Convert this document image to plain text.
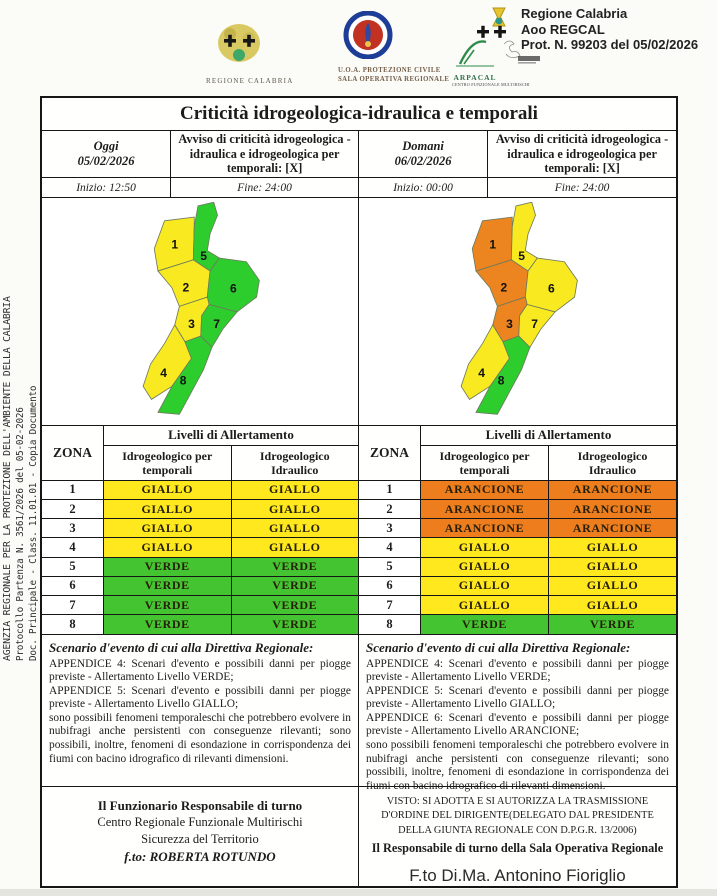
AGENZIA REGIONALE PER LA PROTEZIONE DELL'AMBIENTE DELLA CALABRIA Protocollo Partenza N. 3561/2026 del 05-02-2026 Doc. Principale - Class. 11.01.01 - Copia Documento
REGIONE CALABRIA
U.O.A. PROTEZIONE CIVILE
SALA OPERATIVA REGIONALE
Regione Calabria
Aoo REGCAL
Prot. N. 99203 del 05/02/2026
ARPACAL
CENTRO FUNZIONALE MULTIRISCHI
Criticità idrogeologica-idraulica e temporali
Oggi
05/02/2026
Avviso di criticità idrogeologica - idraulica e idrogeologica per temporali: [X]
Domani
06/02/2026
Avviso di criticità idrogeologica - idraulica e idrogeologica per temporali: [X]
Inizio: 12:50	Fine: 24:00	Inizio: 00:00	Fine: 24:00
1
2
3
4
5
6
7
8
1
2
3
4
5
6
7
8
ZONA
Livelli di Allertamento
Idrogeologico per temporali
Idrogeologico Idraulico
1	GIALLO	GIALLO
2	GIALLO	GIALLO
3	GIALLO	GIALLO
4	GIALLO	GIALLO
5	VERDE	VERDE
6	VERDE	VERDE
7	VERDE	VERDE
8	VERDE	VERDE
ZONA
Livelli di Allertamento
Idrogeologico per temporali
Idrogeologico Idraulico
1	ARANCIONE	ARANCIONE
2	ARANCIONE	ARANCIONE
3	ARANCIONE	ARANCIONE
4	GIALLO	GIALLO
5	GIALLO	GIALLO
6	GIALLO	GIALLO
7	GIALLO	GIALLO
8	VERDE	VERDE
Scenario d'evento di cui alla Direttiva Regionale:
APPENDICE 4: Scenari d'evento e possibili danni per piogge previste - Allertamento Livello VERDE;
APPENDICE 5: Scenari d'evento e possibili danni per piogge previste - Allertamento Livello GIALLO;
sono possibili fenomeni temporaleschi che potrebbero evolvere in nubifragi anche persistenti con conseguenze rilevanti; sono possibili, inoltre, fenomeni di esondazione in corrispondenza dei fiumi con bacino idrografico di rilevanti dimensioni.
Scenario d'evento di cui alla Direttiva Regionale:
APPENDICE 4: Scenari d'evento e possibili danni per piogge previste - Allertamento Livello VERDE;
APPENDICE 5: Scenari d'evento e possibili danni per piogge previste - Allertamento Livello GIALLO;
APPENDICE 6: Scenari d'evento e possibili danni per piogge previste - Allertamento Livello ARANCIONE;
sono possibili fenomeni temporaleschi che potrebbero evolvere in nubifragi anche persistenti con conseguenze rilevanti; sono possibili, inoltre, fenomeni di esondazione in corrispondenza dei fiumi con bacino idrografico di rilevanti dimensioni.
Il Funzionario Responsabile di turno
Centro Regionale Funzionale Multirischi
Sicurezza del Territorio
f.to: ROBERTA ROTUNDO
VISTO: SI ADOTTA E SI AUTORIZZA LA TRASMISSIONE D'ORDINE DEL DIRIGENTE(DELEGATO DAL PRESIDENTE DELLA GIUNTA REGIONALE CON D.P.G.R. 13/2006)
Il Responsabile di turno della Sala Operativa Regionale
F.to Di.Ma. Antonino Fioriglio
